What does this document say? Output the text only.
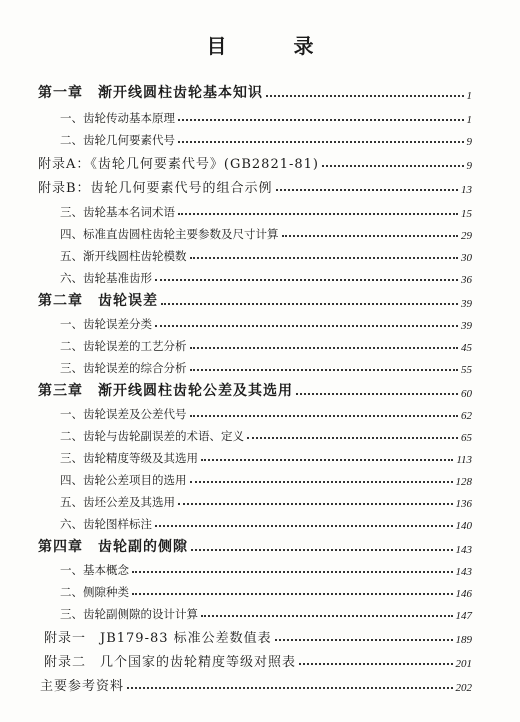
目 录
第一章　渐开线圆柱齿轮基本知识	1
一、齿轮传动基本原理	1
二、齿轮几何要素代号	9
附录A：《齿轮几何要素代号》(GB2821-81)	9
附录B：齿轮几何要素代号的组合示例	13
三、齿轮基本名词术语	15
四、标准直齿圆柱齿轮主要参数及尺寸计算	29
五、渐开线圆柱齿轮模数	30
六、齿轮基准齿形	36
第二章　齿轮误差	39
一、齿轮误差分类	39
二、齿轮误差的工艺分析	45
三、齿轮误差的综合分析	55
第三章　渐开线圆柱齿轮公差及其选用	60
一、齿轮误差及公差代号	62
二、齿轮与齿轮副误差的术语、定义	65
三、齿轮精度等级及其选用	113
四、齿轮公差项目的选用	128
五、齿坯公差及其选用	136
六、齿轮图样标注	140
第四章　齿轮副的侧隙	143
一、基本概念	143
二、侧隙种类	146
三、齿轮副侧隙的设计计算	147
附录一　JB179-83 标准公差数值表	189
附录二　几个国家的齿轮精度等级对照表	201
主要参考资料	202
